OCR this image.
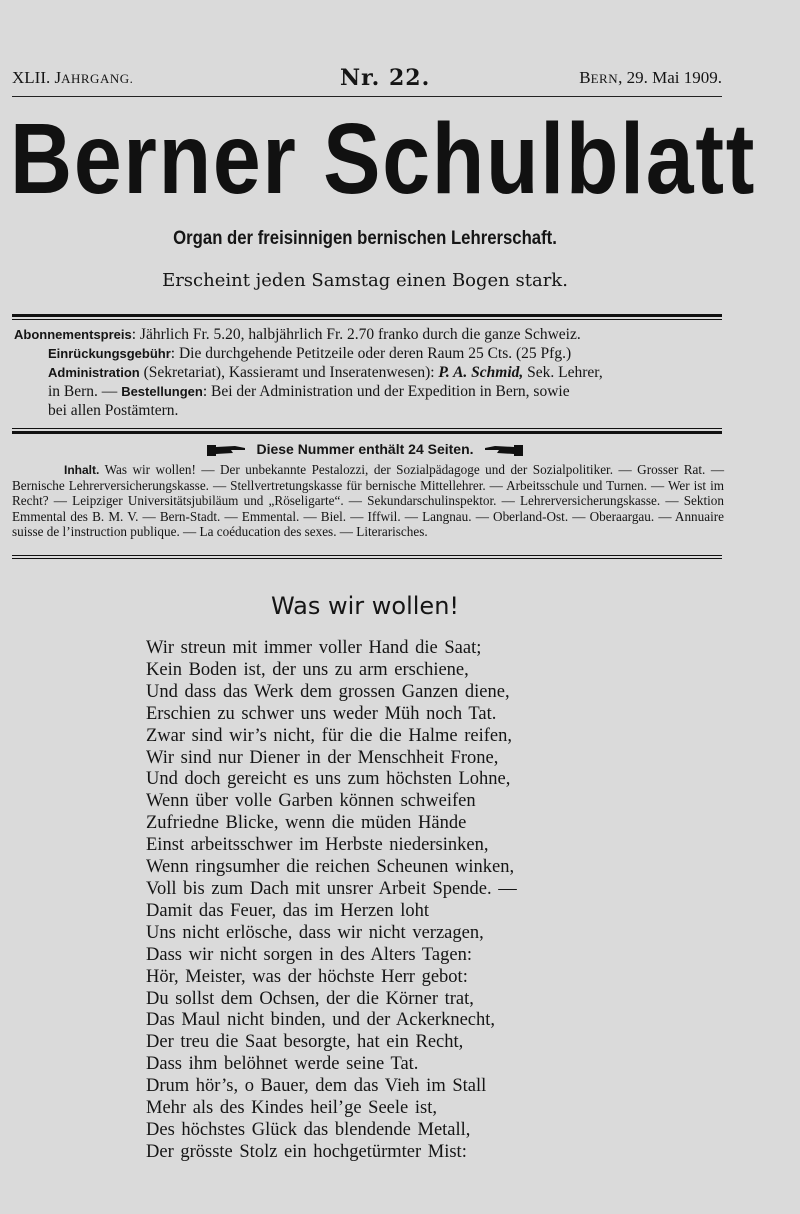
XLII. JAHRGANG.	Nr. 22.	BERN, 29. Mai 1909.
Berner Schulblatt
Organ der freisinnigen bernischen Lehrerschaft.
Erscheint jeden Samstag einen Bogen stark.
Abonnementspreis: Jährlich Fr. 5.20, halbjährlich Fr. 2.70 franko durch die ganze Schweiz.
Einrückungsgebühr: Die durchgehende Petitzeile oder deren Raum 25 Cts. (25 Pfg.)
Administration (Sekretariat), Kassieramt und Inseratenwesen): P. A. Schmid, Sek. Lehrer,
in Bern. — Bestellungen: Bei der Administration und der Expedition in Bern, sowie
bei allen Postämtern.
Diese Nummer enthält 24 Seiten.
Inhalt. Was wir wollen! — Der unbekannte Pestalozzi, der Sozialpädagoge und der Sozialpolitiker. — Grosser Rat. — Bernische Lehrerversicherungskasse. — Stellvertretungskasse für bernische Mittellehrer. — Arbeitsschule und Turnen. — Wer ist im Recht? — Leipziger Universitätsjubiläum und „Röseligarte“. — Sekundarschulinspektor. — Lehrerversicherungskasse. — Sektion Emmental des B. M. V. — Bern-Stadt. — Emmental. — Biel. — Iffwil. — Langnau. — Oberland-Ost. — Oberaargau. — Annuaire suisse de l’instruction publique. — La coéducation des sexes. — Literarisches.
Was wir wollen!
Wir streun mit immer voller Hand die Saat;
Kein Boden ist, der uns zu arm erschiene,
Und dass das Werk dem grossen Ganzen diene,
Erschien zu schwer uns weder Müh noch Tat.
Zwar sind wir’s nicht, für die die Halme reifen,
Wir sind nur Diener in der Menschheit Frone,
Und doch gereicht es uns zum höchsten Lohne,
Wenn über volle Garben können schweifen
Zufriedne Blicke, wenn die müden Hände
Einst arbeitsschwer im Herbste niedersinken,
Wenn ringsumher die reichen Scheunen winken,
Voll bis zum Dach mit unsrer Arbeit Spende. —
Damit das Feuer, das im Herzen loht
Uns nicht erlösche, dass wir nicht verzagen,
Dass wir nicht sorgen in des Alters Tagen:
Hör, Meister, was der höchste Herr gebot:
Du sollst dem Ochsen, der die Körner trat,
Das Maul nicht binden, und der Ackerknecht,
Der treu die Saat besorgte, hat ein Recht,
Dass ihm belöhnet werde seine Tat.
Drum hör’s, o Bauer, dem das Vieh im Stall
Mehr als des Kindes heil’ge Seele ist,
Des höchstes Glück das blendende Metall,
Der grösste Stolz ein hochgetürmter Mist:
